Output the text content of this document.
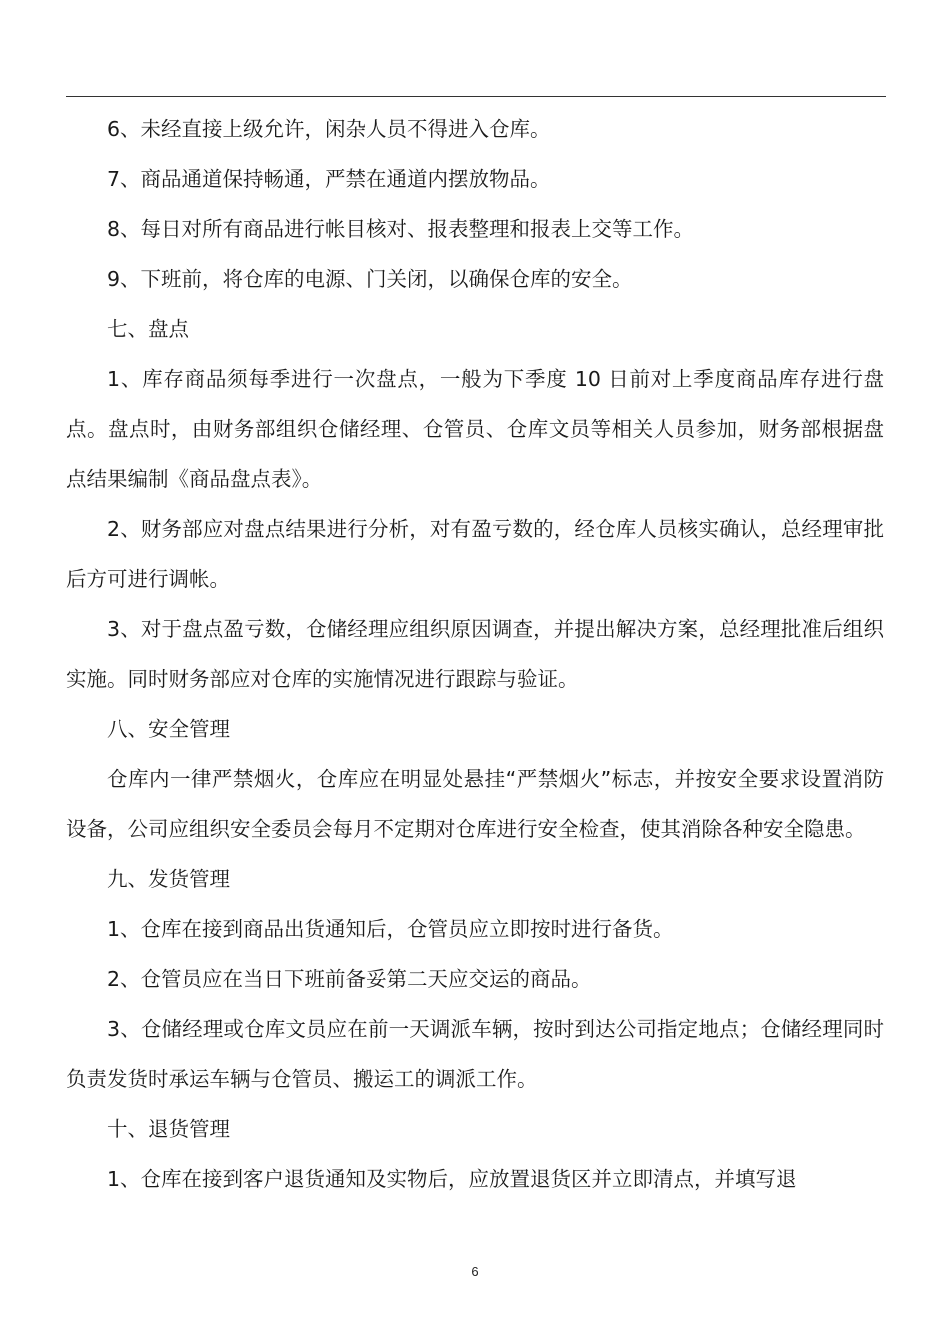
6、未经直接上级允许，闲杂人员不得进入仓库。

7、商品通道保持畅通，严禁在通道内摆放物品。

8、每日对所有商品进行帐目核对、报表整理和报表上交等工作。

9、下班前，将仓库的电源、门关闭，以确保仓库的安全。

七、盘点

1、库存商品须每季进行一次盘点，一般为下季度 10 日前对上季度商品库存进行盘点。盘点时，由财务部组织仓储经理、仓管员、仓库文员等相关人员参加，财务部根据盘点结果编制《商品盘点表》。

2、财务部应对盘点结果进行分析，对有盈亏数的，经仓库人员核实确认，总经理审批后方可进行调帐。

3、对于盘点盈亏数，仓储经理应组织原因调查，并提出解决方案，总经理批准后组织实施。同时财务部应对仓库的实施情况进行跟踪与验证。

八、安全管理

仓库内一律严禁烟火，仓库应在明显处悬挂“严禁烟火”标志，并按安全要求设置消防设备，公司应组织安全委员会每月不定期对仓库进行安全检查，使其消除各种安全隐患。

九、发货管理

1、仓库在接到商品出货通知后，仓管员应立即按时进行备货。

2、仓管员应在当日下班前备妥第二天应交运的商品。

3、仓储经理或仓库文员应在前一天调派车辆，按时到达公司指定地点；仓储经理同时负责发货时承运车辆与仓管员、搬运工的调派工作。

十、退货管理

1、仓库在接到客户退货通知及实物后，应放置退货区并立即清点，并填写退

6
